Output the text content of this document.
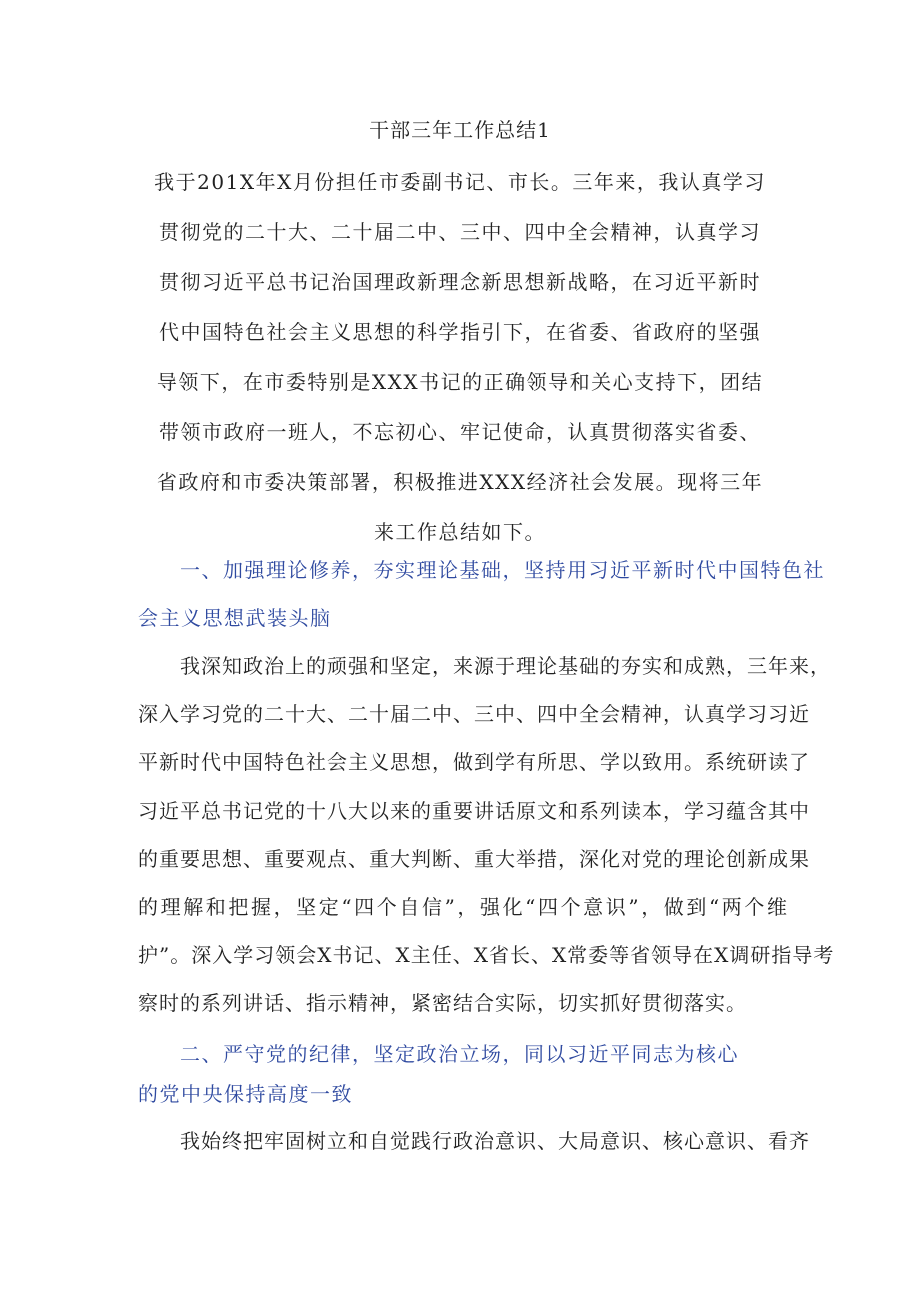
干部三年工作总结1
我于201X年X月份担任市委副书记、市长。三年来，我认真学习
贯彻党的二十大、二十届二中、三中、四中全会精神，认真学习
贯彻习近平总书记治国理政新理念新思想新战略，在习近平新时
代中国特色社会主义思想的科学指引下，在省委、省政府的坚强
导领下，在市委特别是XXX书记的正确领导和关心支持下，团结
带领市政府一班人，不忘初心、牢记使命，认真贯彻落实省委、
省政府和市委决策部署，积极推进XXX经济社会发展。现将三年
来工作总结如下。
一、加强理论修养，夯实理论基础，坚持用习近平新时代中国特色社
会主义思想武装头脑
我深知政治上的顽强和坚定，来源于理论基础的夯实和成熟，三年来，
深入学习党的二十大、二十届二中、三中、四中全会精神，认真学习习近
平新时代中国特色社会主义思想，做到学有所思、学以致用。系统研读了
习近平总书记党的十八大以来的重要讲话原文和系列读本，学习蕴含其中
的重要思想、重要观点、重大判断、重大举措，深化对党的理论创新成果
的理解和把握，坚定“四个自信”，强化“四个意识”，做到“两个维
护”。深入学习领会X书记、X主任、X省长、X常委等省领导在X调研指导考
察时的系列讲话、指示精神，紧密结合实际，切实抓好贯彻落实。
二、严守党的纪律，坚定政治立场，同以习近平同志为核心
的党中央保持高度一致
我始终把牢固树立和自觉践行政治意识、大局意识、核心意识、看齐
